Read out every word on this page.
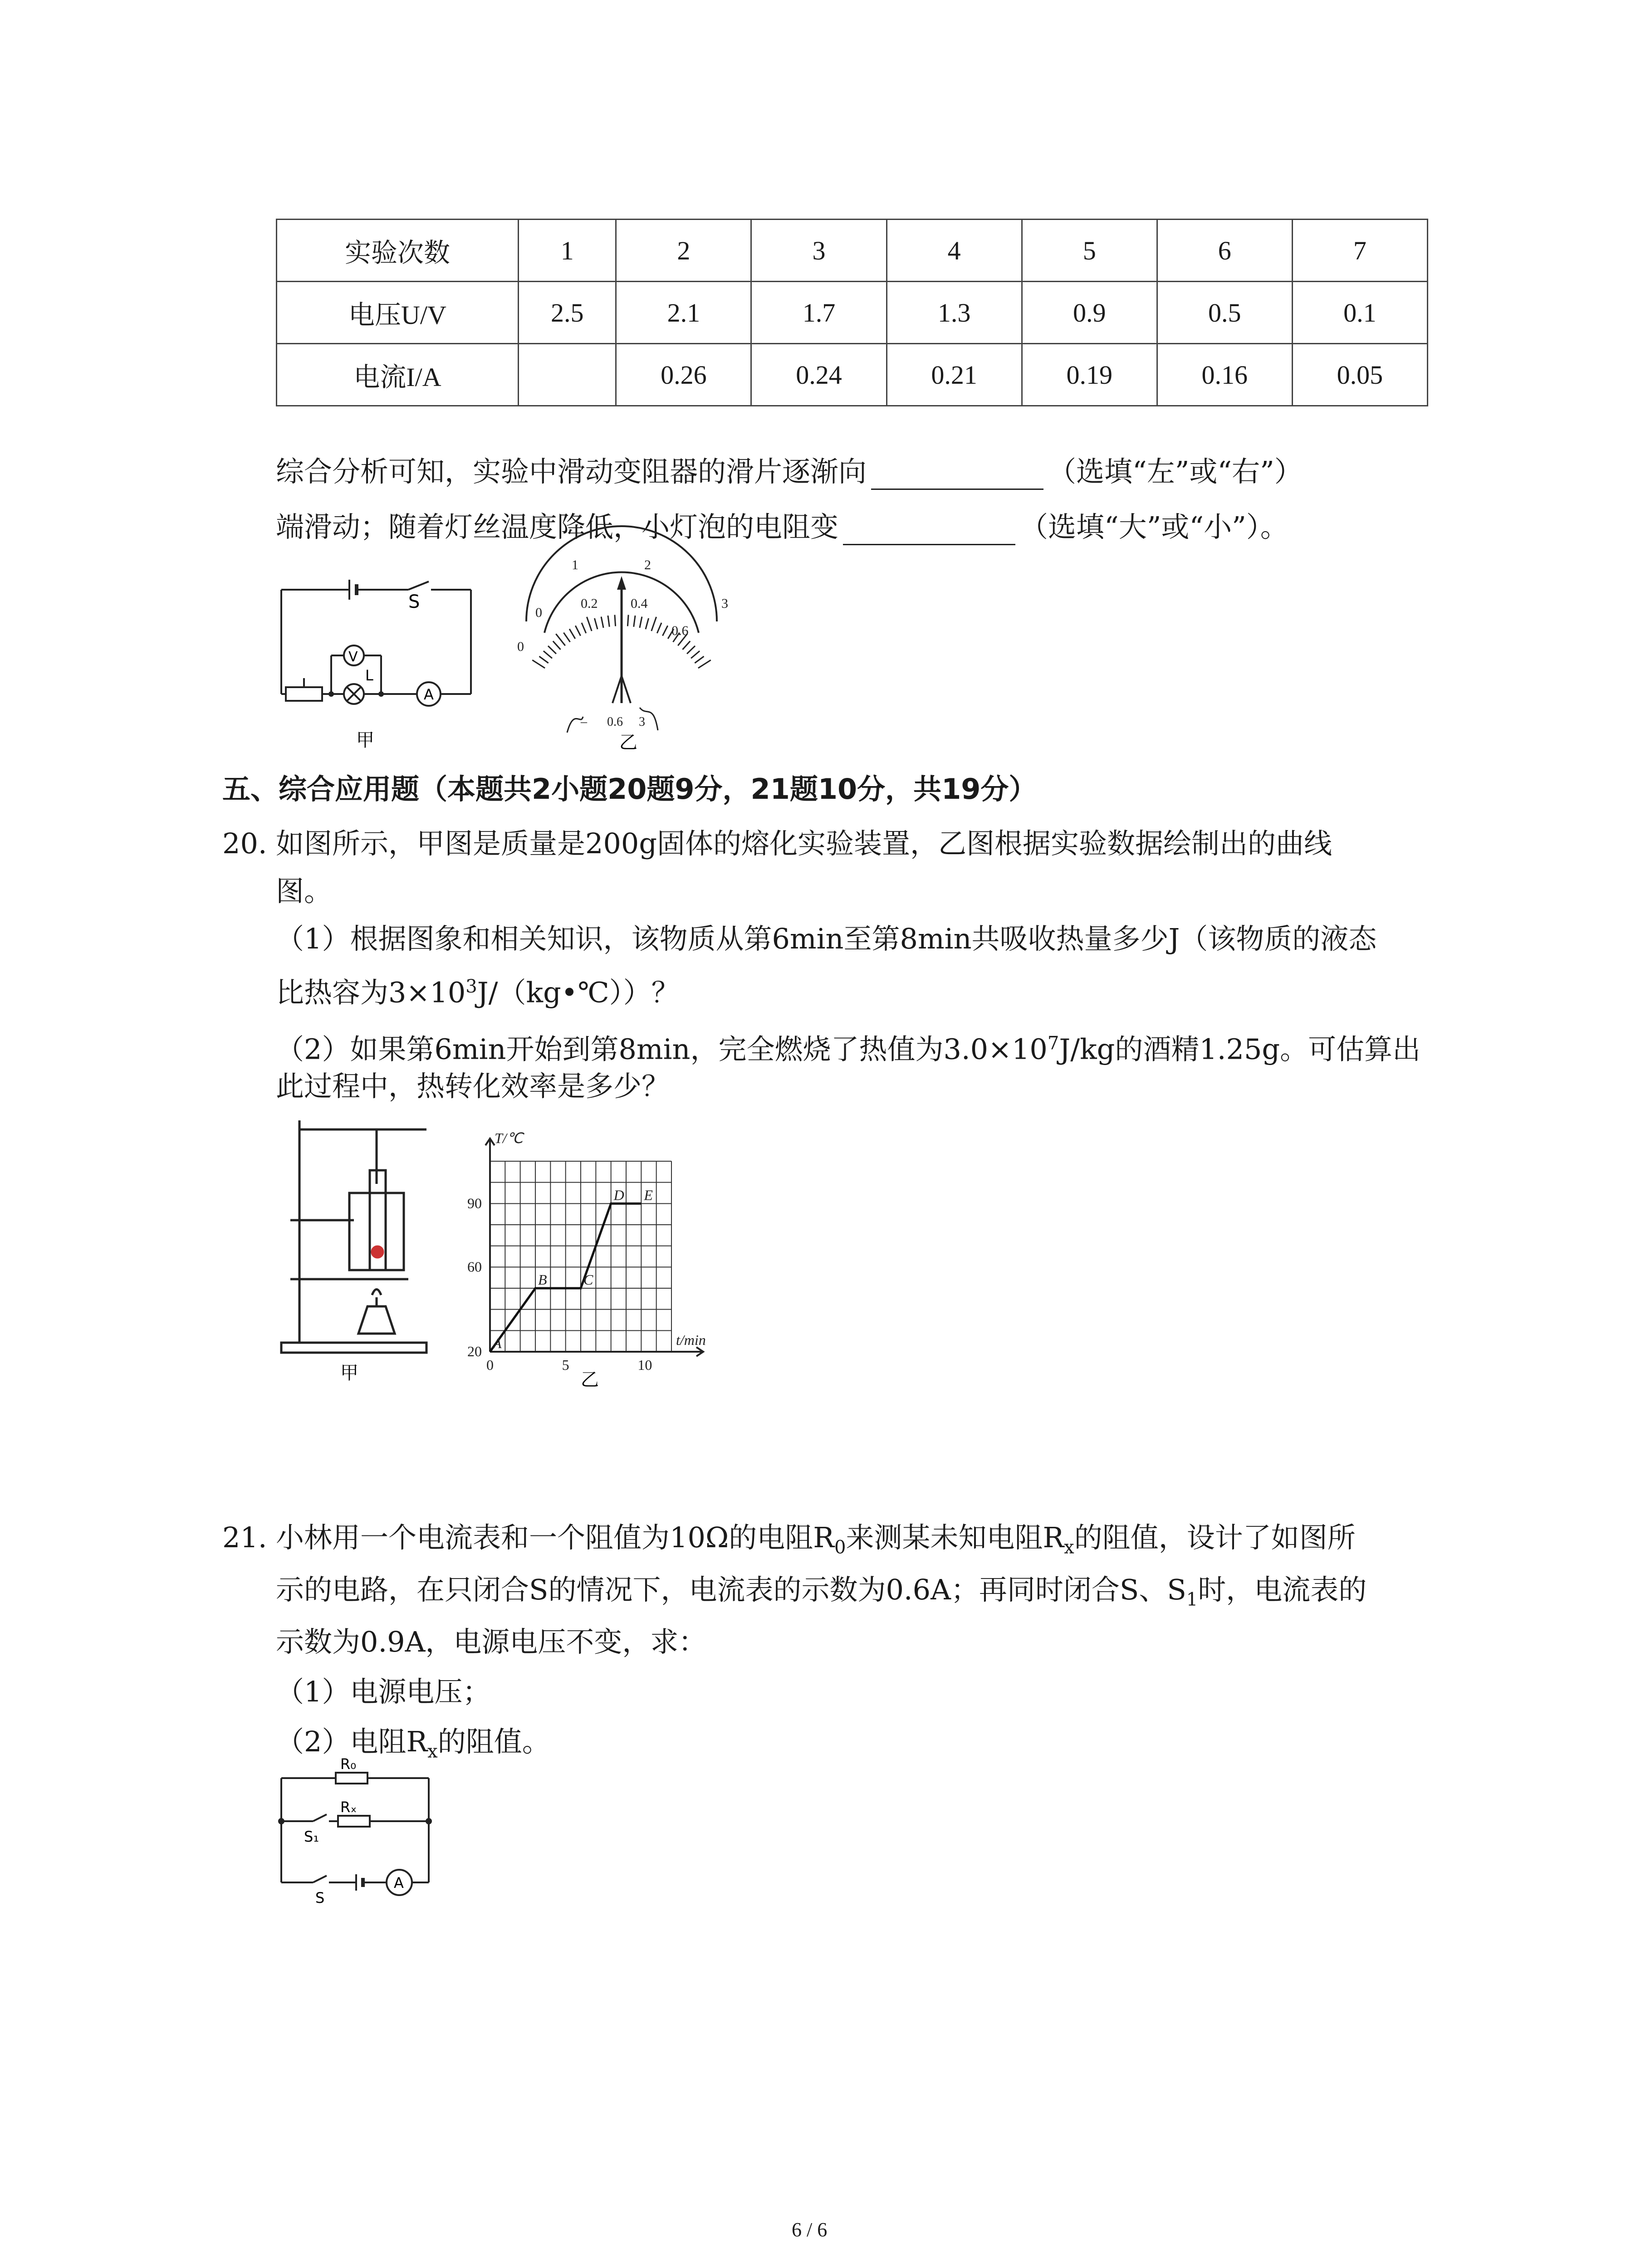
实验次数	1	2	3	4	5	6	7
电压U/V	2.5	2.1	1.7	1.3	0.9	0.5	0.1
电流I/A		0.26	0.24	0.21	0.19	0.16	0.05
综合分析可知，实验中滑动变阻器的滑片逐渐向	（选填“左”或“右”）
端滑动；随着灯丝温度降低，小灯泡的电阻变	（选填“大”或“小”）。
S
V
L
A
甲
0
1	2
3
0
0.2 0.4
0.6
– 0.6 3
乙
五、综合应用题（本题共2小题20题9分，21题10分，共19分）
20. 如图所示，甲图是质量是200g固体的熔化实验装置，乙图根据实验数据绘制出的曲线
图。
（1）根据图象和相关知识，该物质从第6min至第8min共吸收热量多少J（该物质的液态
比热容为$3\times 10^3J/(kg•℃)$）？
（2）如果第6min开始到第8min，完全燃烧了热值为$3.0\times 10^7J/kg$的酒精1.25g。可估算出
此过程中，热转化效率是多少？
甲
20
60
90
0	5	10
A
B	C
D E
T/℃
t/min
乙
21. 小林用一个电流表和一个阻值为10Ω的电阻$R_0$来测某未知电阻$R_x$的阻值，设计了如图所
示的电路，在只闭合S的情况下，电流表的示数为0.6A；再同时闭合S、$S_1$时，电流表的
示数为0.9A，电源电压不变，求：
（1）电源电压；
（2）电阻$R_x$的阻值。
R₀
Rₓ
S₁
S
A
6 / 6
